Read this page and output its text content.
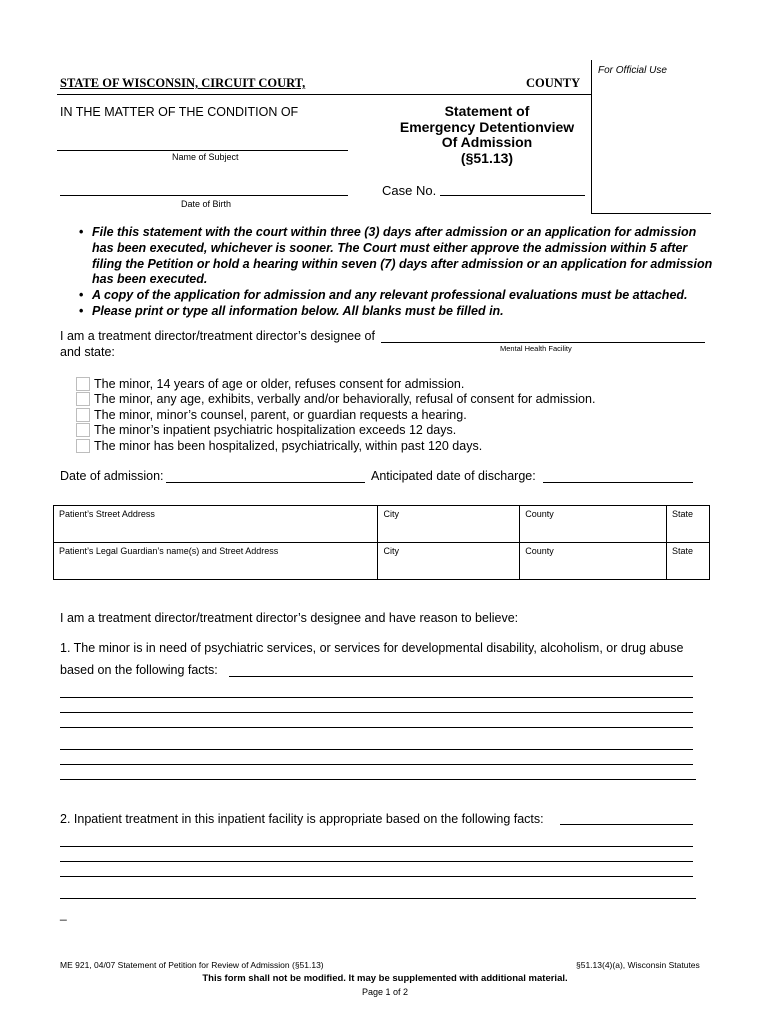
For Official Use
STATE OF WISCONSIN, CIRCUIT COURT,	COUNTY
IN THE MATTER OF THE CONDITION OF
Name of Subject
Date of Birth
Statement of
Emergency Detentionview
Of Admission
(§51.13)
Case No.
• File this statement with the court within three (3) days after admission or an application for admission has been executed, whichever is sooner. The Court must either approve the admission within 5 after filing the Petition or hold a hearing within seven (7) days after admission or an application for admission has been executed.
• A copy of the application for admission and any relevant professional evaluations must be attached.
• Please print or type all information below. All blanks must be filled in.
I am a treatment director/treatment director’s designee of
and state:	Mental Health Facility
The minor, 14 years of age or older, refuses consent for admission.
The minor, any age, exhibits, verbally and/or behaviorally, refusal of consent for admission.
The minor, minor’s counsel, parent, or guardian requests a hearing.
The minor’s inpatient psychiatric hospitalization exceeds 12 days.
The minor has been hospitalized, psychiatrically, within past 120 days.
Date of admission:	Anticipated date of discharge:
Patient’s Street Address	City	County	State
Patient’s Legal Guardian’s name(s) and Street Address	City	County	State
I am a treatment director/treatment director’s designee and have reason to believe:
1. The minor is in need of psychiatric services, or services for developmental disability, alcoholism, or drug abuse
based on the following facts:
2. Inpatient treatment in this inpatient facility is appropriate based on the following facts:
_
ME 921, 04/07 Statement of Petition for Review of Admission (§51.13)	§51.13(4)(a), Wisconsin Statutes
This form shall not be modified. It may be supplemented with additional material.
Page 1 of 2
